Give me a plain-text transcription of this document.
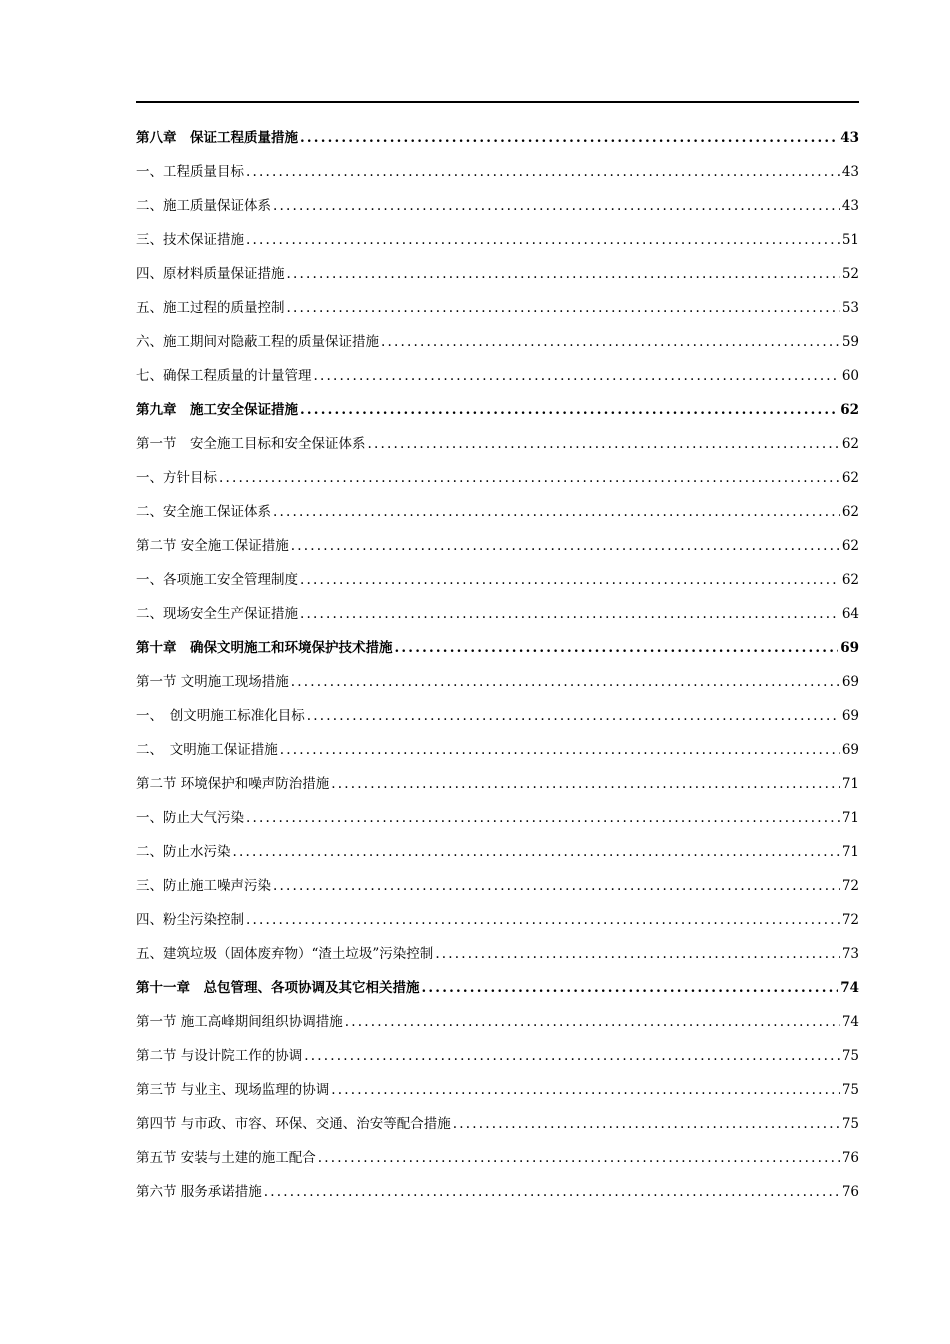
第八章　保证工程质量措施 .....	43
一、工程质量目标 .....	43
二、施工质量保证体系 .....	43
三、技术保证措施 .....	51
四、原材料质量保证措施 .....	52
五、施工过程的质量控制 .....	53
六、施工期间对隐蔽工程的质量保证措施 .....	59
七、确保工程质量的计量管理 .....	60
第九章　施工安全保证措施 .....	62
第一节　安全施工目标和安全保证体系 .....	62
一、方针目标 .....	62
二、安全施工保证体系 .....	62
第二节 安全施工保证措施 .....	62
一、各项施工安全管理制度 .....	62
二、现场安全生产保证措施 .....	64
第十章　确保文明施工和环境保护技术措施 .....	69
第一节 文明施工现场措施 .....	69
一、　创文明施工标准化目标 .....	69
二、　文明施工保证措施 .....	69
第二节 环境保护和噪声防治措施 .....	71
一、防止大气污染 .....	71
二、防止水污染 .....	71
三、防止施工噪声污染 .....	72
四、粉尘污染控制 .....	72
五、建筑垃圾（固体废弃物）“渣土垃圾”污染控制 .....	73
第十一章　总包管理、各项协调及其它相关措施 .....	74
第一节 施工高峰期间组织协调措施 .....	74
第二节 与设计院工作的协调 .....	75
第三节 与业主、现场监理的协调 .....	75
第四节 与市政、市容、环保、交通、治安等配合措施 .....	75
第五节 安装与土建的施工配合 .....	76
第六节 服务承诺措施 .....	76
